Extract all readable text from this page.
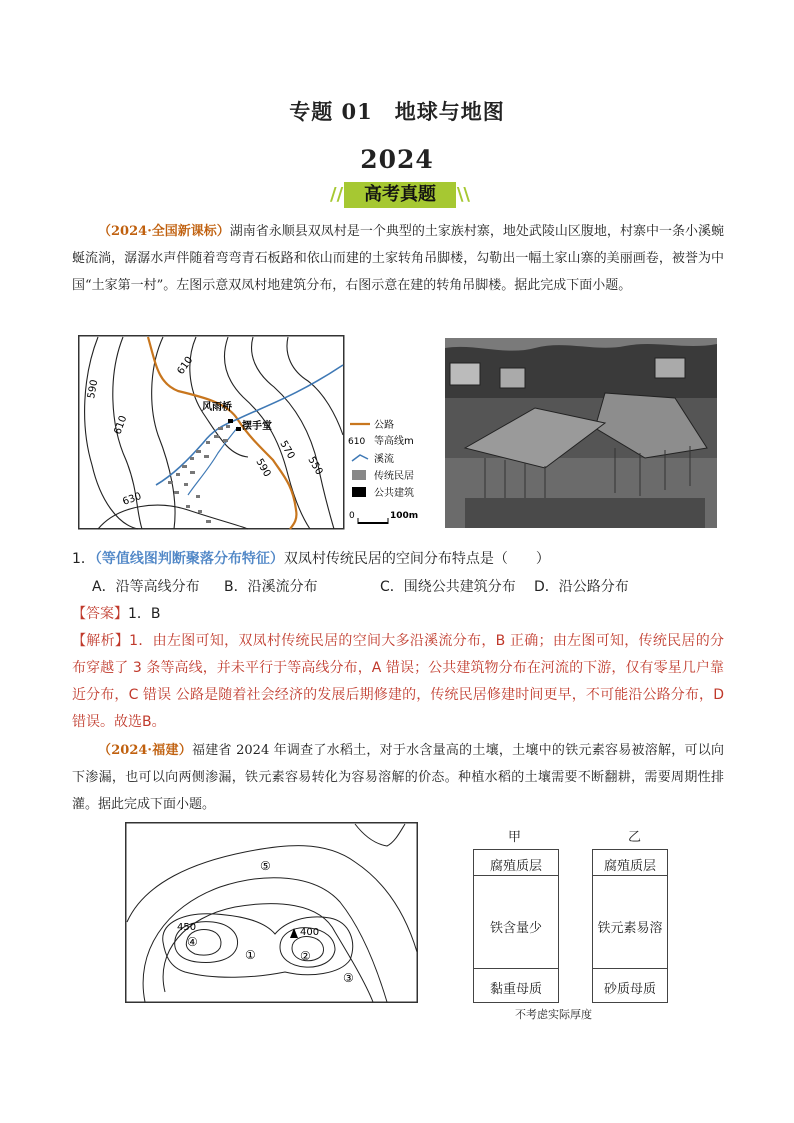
专题 01　地球与地图
2024
//	高考真题	\\
（2024·全国新课标）湖南省永顺县双凤村是一个典型的土家族村寨，地处武陵山区腹地，村寨中一条小溪蜿蜒流淌，潺潺水声伴随着弯弯青石板路和依山而建的土家转角吊脚楼，勾勒出一幅土家山寨的美丽画卷，被誉为中国“土家第一村”。左图示意双凤村地建筑分布，右图示意在建的转角吊脚楼。据此完成下面小题。
610
590
610
630
590
570
550
风雨桥
摆手堂	公路
610 等高线m
溪流
传统民居
公共建筑
0	100m
1．（等值线图判断聚落分布特征）双凤村传统民居的空间分布特点是（　　）
A．沿等高线分布 B．沿溪流分布	C．围绕公共建筑分布 D．沿公路分布
【答案】1．B
【解析】1．由左图可知，双凤村传统民居的空间大多沿溪流分布，B 正确；由左图可知，传统民居的分布穿越了 3 条等高线，并未平行于等高线分布，A 错误；公共建筑物分布在河流的下游，仅有零星几户靠近分布，C 错误 公路是随着社会经济的发展后期修建的，传统民居修建时间更早，不可能沿公路分布，D 错误。故选B。
（2024·福建）福建省 2024 年调查了水稻土，对于水含量高的土壤，土壤中的铁元素容易被溶解，可以向下渗漏，也可以向两侧渗漏，铁元素容易转化为容易溶解的价态。种植水稻的土壤需要不断翻耕，需要周期性排灌。据此完成下面小题。
⑤
450
④
①
400
②
③
甲	乙
腐殖质层
铁含量少
黏重母质
腐殖质层
铁元素易溶
砂质母质
不考虑实际厚度
